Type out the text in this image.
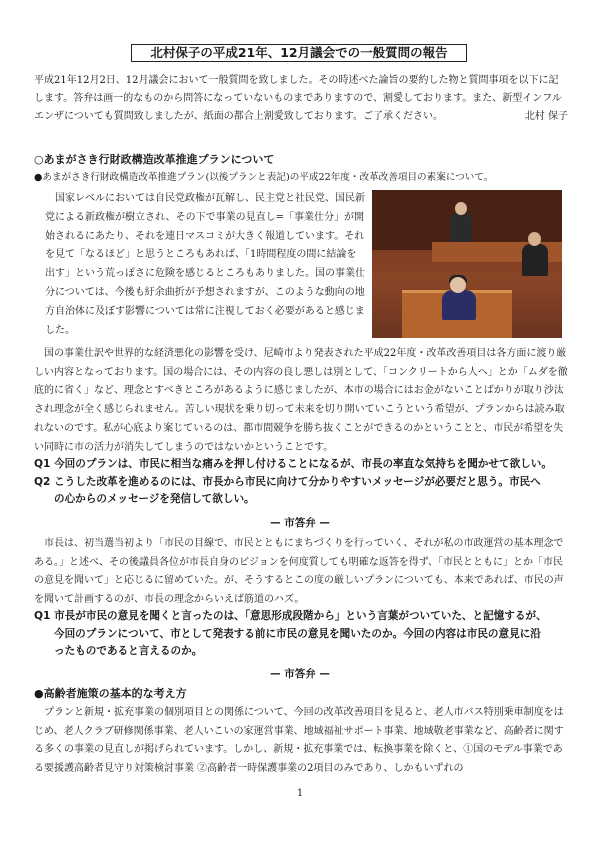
北村保子の平成21年、12月議会での一般質問の報告
平成21年12月2日、12月議会において一般質問を致しました。その時述べた論旨の要約した物と質問事項を以下に記します。答弁は画一的なものから問答になっていないものまでありますので、割愛しております。また、新型インフルエンザについても質問致しましたが、紙面の都合上割愛致しております。ご了承ください。	北村 保子
○あまがさき行財政構造改革推進プランについて
●あまがさき行財政構造改革推進プラン(以後プランと表記)の平成22年度・改革改善項目の素案について。

国家レベルにおいては自民党政権が瓦解し、民主党と社民党、国民新党による新政権が樹立され、その下で事業の見直し=「事業仕分」が開始されるにあたり、それを連日マスコミが大きく報道しています。それを見て「なるほど」と思うところもあれば、「1時間程度の間に結論を出す」という荒っぽさに危険を感じるところもありました。国の事業仕分については、今後も紆余曲折が予想されますが、このような動向の地方自治体に及ぼす影響については常に注視しておく必要があると感じました。

国の事業仕訳や世界的な経済悪化の影響を受け、尼崎市より発表された平成22年度・改革改善項目は各方面に渡り厳しい内容となっております。国の場合には、その内容の良し悪しは別として、「コンクリートから人へ」とか「ムダを徹底的に省く」など、理念とすべきところがあるように感じましたが、本市の場合にはお金がないことばかりが取り沙汰され理念が全く感じられません。苦しい現状を乗り切って未来を切り開いていこうという希望が、プランからは読み取れないのです。私が心底より案じているのは、都市間競争を勝ち抜くことができるのかということと、市民が希望を失い同時に市の活力が消失してしまうのではないかということです。

Q1 今回のプランは、市民に相当な痛みを押し付けることになるが、市長の率直な気持ちを聞かせて欲しい。

Q2 こうした改革を進めるのには、市長から市民に向けて分かりやすいメッセージが必要だと思う。市民へ

の心からのメッセージを発信して欲しい。

— 市答弁 —
市長は、初当選当初より「市民の目線で、市民とともにまちづくりを行っていく、それが私の市政運営の基本理念である。」と述べ、その後議員各位が市長自身のビジョンを何度質しても明確な返答を得ず、「市民とともに」とか「市民の意見を聞いて」と応じるに留めていた。が、そうするとこの度の厳しいプランについても、本来であれば、市民の声を聞いて計画するのが、市長の理念からいえば筋道のハズ。

Q1 市長が市民の意見を聞くと言ったのは、「意思形成段階から」という言葉がついていた、と記憶するが、

今回のプランについて、市として発表する前に市民の意見を聞いたのか。今回の内容は市民の意見に沿

ったものであると言えるのか。

— 市答弁 —
●高齢者施策の基本的な考え方
プランと新規・拡充事業の個別項目との関係について、今回の改革改善項目を見ると、老人市バス特別乗車制度をはじめ、老人クラブ研修関係事業、老人いこいの家運営事業、地域福祉サポート事業、地域敬老事業など、高齢者に関する多くの事業の見直しが掲げられています。しかし、新規・拡充事業では、転換事業を除くと、①国のモデル事業である要援護高齢者見守り対策検討事業 ②高齢者一時保護事業の2項目のみであり、しかもいずれの
1
